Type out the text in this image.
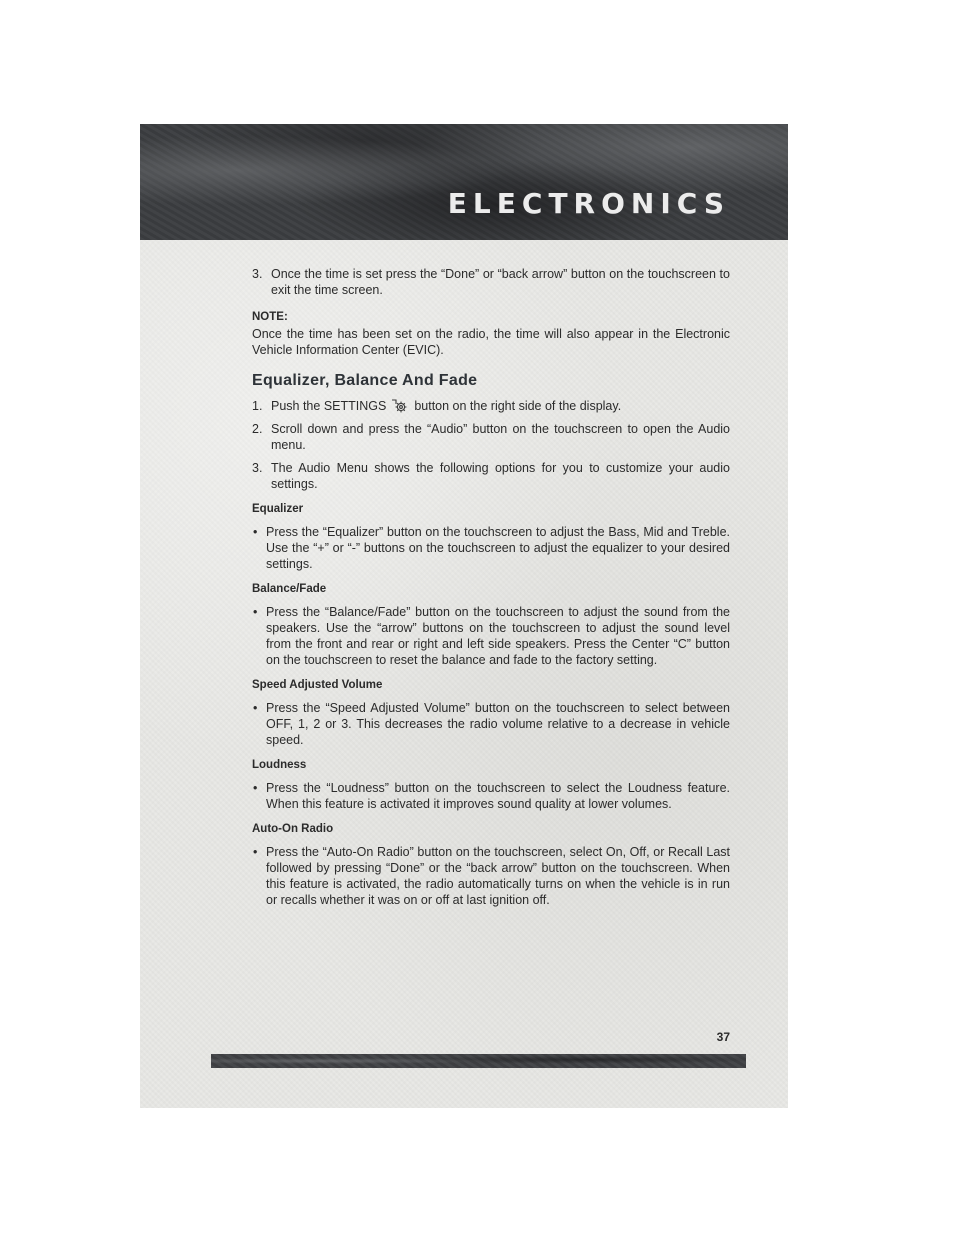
ELECTRONICS
3. Once the time is set press the “Done” or “back arrow” button on the touchscreen to exit the time screen.
NOTE:
Once the time has been set on the radio, the time will also appear in the Electronic Vehicle Information Center (EVIC).
Equalizer, Balance And Fade
1. Push the SETTINGS button on the right side of the display.
2. Scroll down and press the “Audio” button on the touchscreen to open the Audio menu.
3. The Audio Menu shows the following options for you to customize your audio settings.
Equalizer
• Press the “Equalizer” button on the touchscreen to adjust the Bass, Mid and Treble. Use the “+” or “-” buttons on the touchscreen to adjust the equalizer to your desired settings.
Balance/Fade
• Press the “Balance/Fade” button on the touchscreen to adjust the sound from the speakers. Use the “arrow” buttons on the touchscreen to adjust the sound level from the front and rear or right and left side speakers. Press the Center “C” button on the touchscreen to reset the balance and fade to the factory setting.
Speed Adjusted Volume
• Press the “Speed Adjusted Volume” button on the touchscreen to select between OFF, 1, 2 or 3. This decreases the radio volume relative to a decrease in vehicle speed.
Loudness
• Press the “Loudness” button on the touchscreen to select the Loudness feature. When this feature is activated it improves sound quality at lower volumes.
Auto-On Radio
• Press the “Auto-On Radio” button on the touchscreen, select On, Off, or Recall Last followed by pressing “Done” or the “back arrow” button on the touchscreen. When this feature is activated, the radio automatically turns on when the vehicle is in run or recalls whether it was on or off at last ignition off.
37
